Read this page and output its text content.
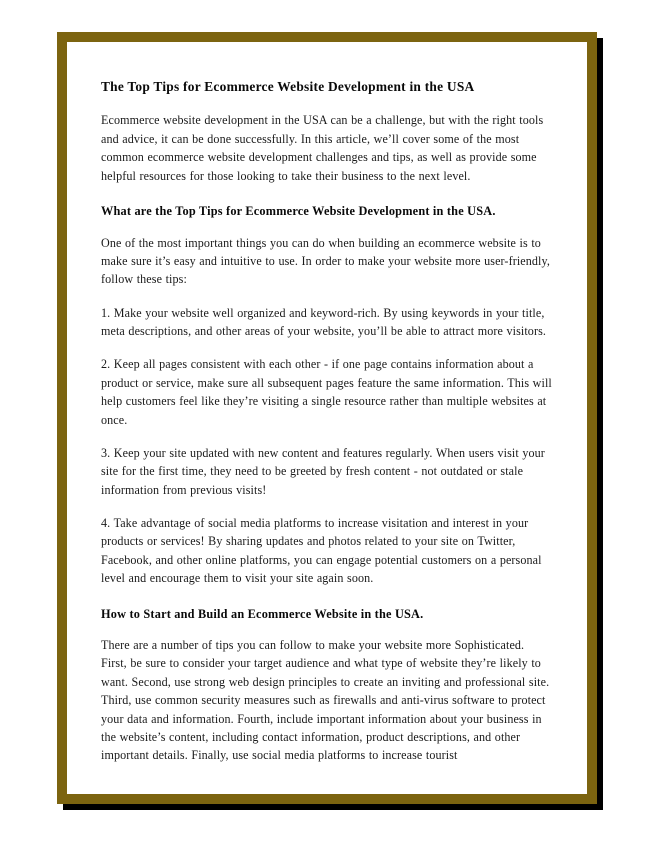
The Top Tips for Ecommerce Website Development in the USA

Ecommerce website development in the USA can be a challenge, but with the right tools and advice, it can be done successfully. In this article, we’ll cover some of the most common ecommerce website development challenges and tips, as well as provide some helpful resources for those looking to take their business to the next level.

What are the Top Tips for Ecommerce Website Development in the USA.

One of the most important things you can do when building an ecommerce website is to make sure it’s easy and intuitive to use. In order to make your website more user-friendly, follow these tips:

1. Make your website well organized and keyword-rich. By using keywords in your title, meta descriptions, and other areas of your website, you’ll be able to attract more visitors.

2. Keep all pages consistent with each other - if one page contains information about a product or service, make sure all subsequent pages feature the same information. This will help customers feel like they’re visiting a single resource rather than multiple websites at once.

3. Keep your site updated with new content and features regularly. When users visit your site for the first time, they need to be greeted by fresh content - not outdated or stale information from previous visits!

4. Take advantage of social media platforms to increase visitation and interest in your products or services! By sharing updates and photos related to your site on Twitter, Facebook, and other online platforms, you can engage potential customers on a personal level and encourage them to visit your site again soon.

How to Start and Build an Ecommerce Website in the USA.

There are a number of tips you can follow to make your website more Sophisticated. First, be sure to consider your target audience and what type of website they’re likely to want. Second, use strong web design principles to create an inviting and professional site. Third, use common security measures such as firewalls and anti-virus software to protect your data and information. Fourth, include important information about your business in the website’s content, including contact information, product descriptions, and other important details. Finally, use social media platforms to increase tourist
